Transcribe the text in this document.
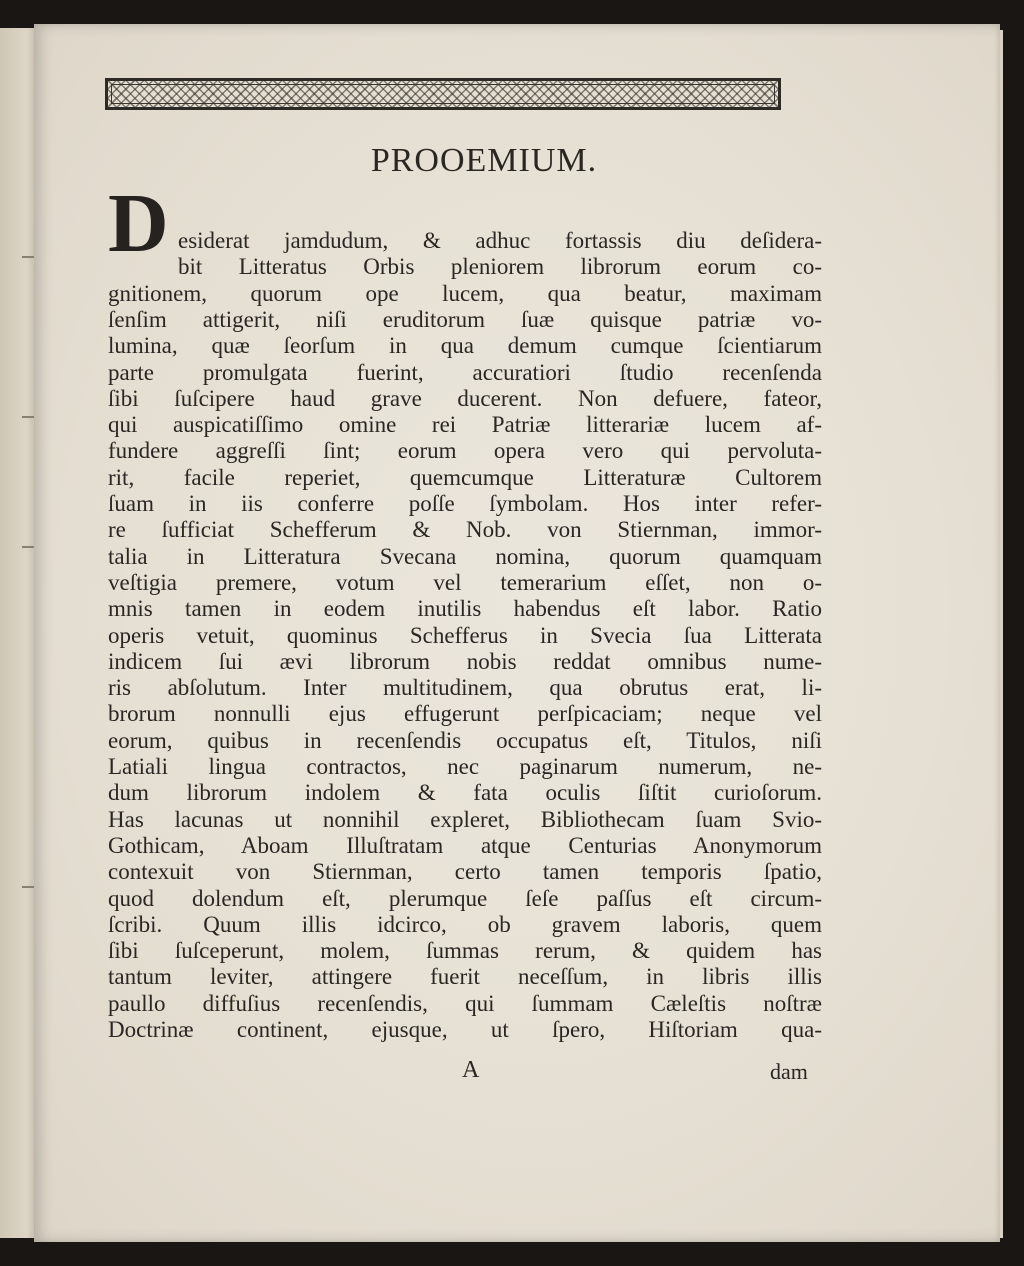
PROOEMIUM.
D esiderat jamdudum, & adhuc fortassis diu deſidera-
bit Litteratus Orbis pleniorem librorum eorum co-
gnitionem, quorum ope lucem, qua beatur, maximam
ſenſim attigerit, niſi eruditorum ſuæ quisque patriæ vo-
lumina, quæ ſeorſum in qua demum cumque ſcientiarum
parte promulgata fuerint, accuratiori ſtudio recenſenda
ſibi ſuſcipere haud grave ducerent. Non defuere, fateor,
qui auspicatiſſimo omine rei Patriæ litterariæ lucem af-
fundere aggreſſi ſint; eorum opera vero qui pervoluta-
rit, facile reperiet, quemcumque Litteraturæ Cultorem
ſuam in iis conferre poſſe ſymbolam. Hos inter refer-
re ſufficiat Schefferum & Nob. von Stiernman, immor-
talia in Litteratura Svecana nomina, quorum quamquam
veſtigia premere, votum vel temerarium eſſet, non o-
mnis tamen in eodem inutilis habendus eſt labor. Ratio
operis vetuit, quominus Schefferus in Svecia ſua Litterata
indicem ſui ævi librorum nobis reddat omnibus nume-
ris abſolutum. Inter multitudinem, qua obrutus erat, li-
brorum nonnulli ejus effugerunt perſpicaciam; neque vel
eorum, quibus in recenſendis occupatus eſt, Titulos, niſi
Latiali lingua contractos, nec paginarum numerum, ne-
dum librorum indolem & fata oculis ſiſtit curioſorum.
Has lacunas ut nonnihil expleret, Bibliothecam ſuam Svio-
Gothicam, Aboam Illuſtratam atque Centurias Anonymorum
contexuit von Stiernman, certo tamen temporis ſpatio,
quod dolendum eſt, plerumque ſeſe paſſus eſt circum-
ſcribi. Quum illis idcirco, ob gravem laboris, quem
ſibi ſuſceperunt, molem, ſummas rerum, & quidem has
tantum leviter, attingere fuerit neceſſum, in libris illis
paullo diffuſius recenſendis, qui ſummam Cæleſtis noſtræ
Doctrinæ continent, ejusque, ut ſpero, Hiſtoriam qua-
A	dam
